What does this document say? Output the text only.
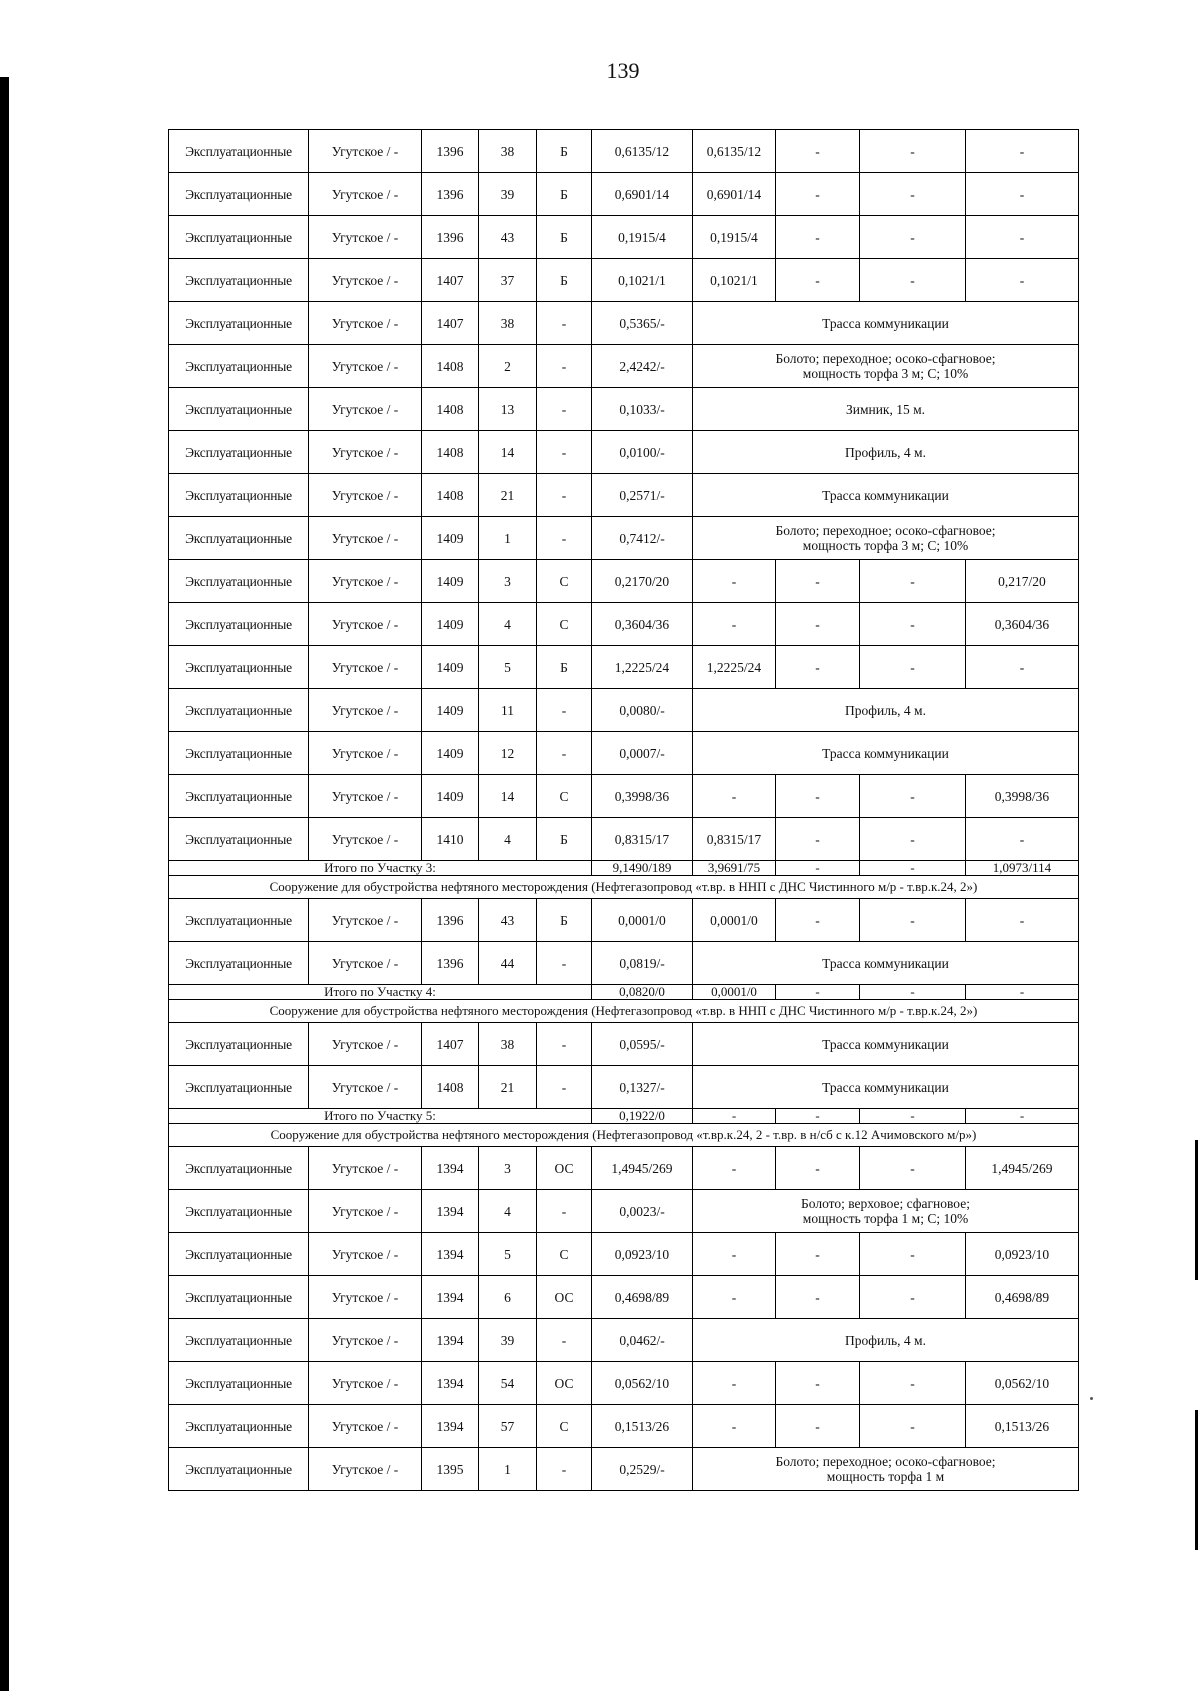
139
Эксплуатационные	Угутское / -	1396	38	Б	0,6135/12	0,6135/12	-	-	-
Эксплуатационные	Угутское / -	1396	39	Б	0,6901/14	0,6901/14	-	-	-
Эксплуатационные	Угутское / -	1396	43	Б	0,1915/4	0,1915/4	-	-	-
Эксплуатационные	Угутское / -	1407	37	Б	0,1021/1	0,1021/1	-	-	-
Эксплуатационные	Угутское / -	1407	38	-	0,5365/-	Трасса коммуникации			

Эксплуатационные	Угутское / -	1408	2	-	2,4242/-	Болото; переходное; осоко-сфагновое;
мощность торфа 3 м; С; 10%			

Эксплуатационные	Угутское / -	1408	13	-	0,1033/-	Зимник, 15 м.			

Эксплуатационные	Угутское / -	1408	14	-	0,0100/-	Профиль, 4 м.			

Эксплуатационные	Угутское / -	1408	21	-	0,2571/-	Трасса коммуникации			

Эксплуатационные	Угутское / -	1409	1	-	0,7412/-	Болото; переходное; осоко-сфагновое;
мощность торфа 3 м; С; 10%			

Эксплуатационные	Угутское / -	1409	3	С	0,2170/20	-	-	-	0,217/20
Эксплуатационные	Угутское / -	1409	4	С	0,3604/36	-	-	-	0,3604/36
Эксплуатационные	Угутское / -	1409	5	Б	1,2225/24	1,2225/24	-	-	-
Эксплуатационные	Угутское / -	1409	11	-	0,0080/-	Профиль, 4 м.			

Эксплуатационные	Угутское / -	1409	12	-	0,0007/-	Трасса коммуникации			

Эксплуатационные	Угутское / -	1409	14	С	0,3998/36	-	-	-	0,3998/36
Эксплуатационные	Угутское / -	1410	4	Б	0,8315/17	0,8315/17	-	-	-
Итого по Участку 3:					9,1490/189	3,9691/75	-	-	1,0973/114
Сооружение для обустройства нефтяного месторождения (Нефтегазопровод «т.вр. в ННП с ДНС Чистинного м/р - т.вр.к.24, 2»)									
Эксплуатационные	Угутское / -	1396	43	Б	0,0001/0	0,0001/0	-	-	-
Эксплуатационные	Угутское / -	1396	44	-	0,0819/-	Трасса коммуникации			

Итого по Участку 4:					0,0820/0	0,0001/0	-	-	-
Сооружение для обустройства нефтяного месторождения (Нефтегазопровод «т.вр. в ННП с ДНС Чистинного м/р - т.вр.к.24, 2»)									
Эксплуатационные	Угутское / -	1407	38	-	0,0595/-	Трасса коммуникации			

Эксплуатационные	Угутское / -	1408	21	-	0,1327/-	Трасса коммуникации			

Итого по Участку 5:					0,1922/0	-	-	-	-
Сооружение для обустройства нефтяного месторождения (Нефтегазопровод «т.вр.к.24, 2 - т.вр. в н/сб с к.12 Ачимовского м/р»)									
Эксплуатационные	Угутское / -	1394	3	ОС	1,4945/269	-	-	-	1,4945/269
Эксплуатационные	Угутское / -	1394	4	-	0,0023/-	Болото; верховое; сфагновое;
мощность торфа 1 м; С; 10%			

Эксплуатационные	Угутское / -	1394	5	С	0,0923/10	-	-	-	0,0923/10
Эксплуатационные	Угутское / -	1394	6	ОС	0,4698/89	-	-	-	0,4698/89
Эксплуатационные	Угутское / -	1394	39	-	0,0462/-	Профиль, 4 м.			

Эксплуатационные	Угутское / -	1394	54	ОС	0,0562/10	-	-	-	0,0562/10
Эксплуатационные	Угутское / -	1394	57	С	0,1513/26	-	-	-	0,1513/26
Эксплуатационные	Угутское / -	1395	1	-	0,2529/-	Болото; переходное; осоко-сфагновое;
мощность торфа 1 м			
